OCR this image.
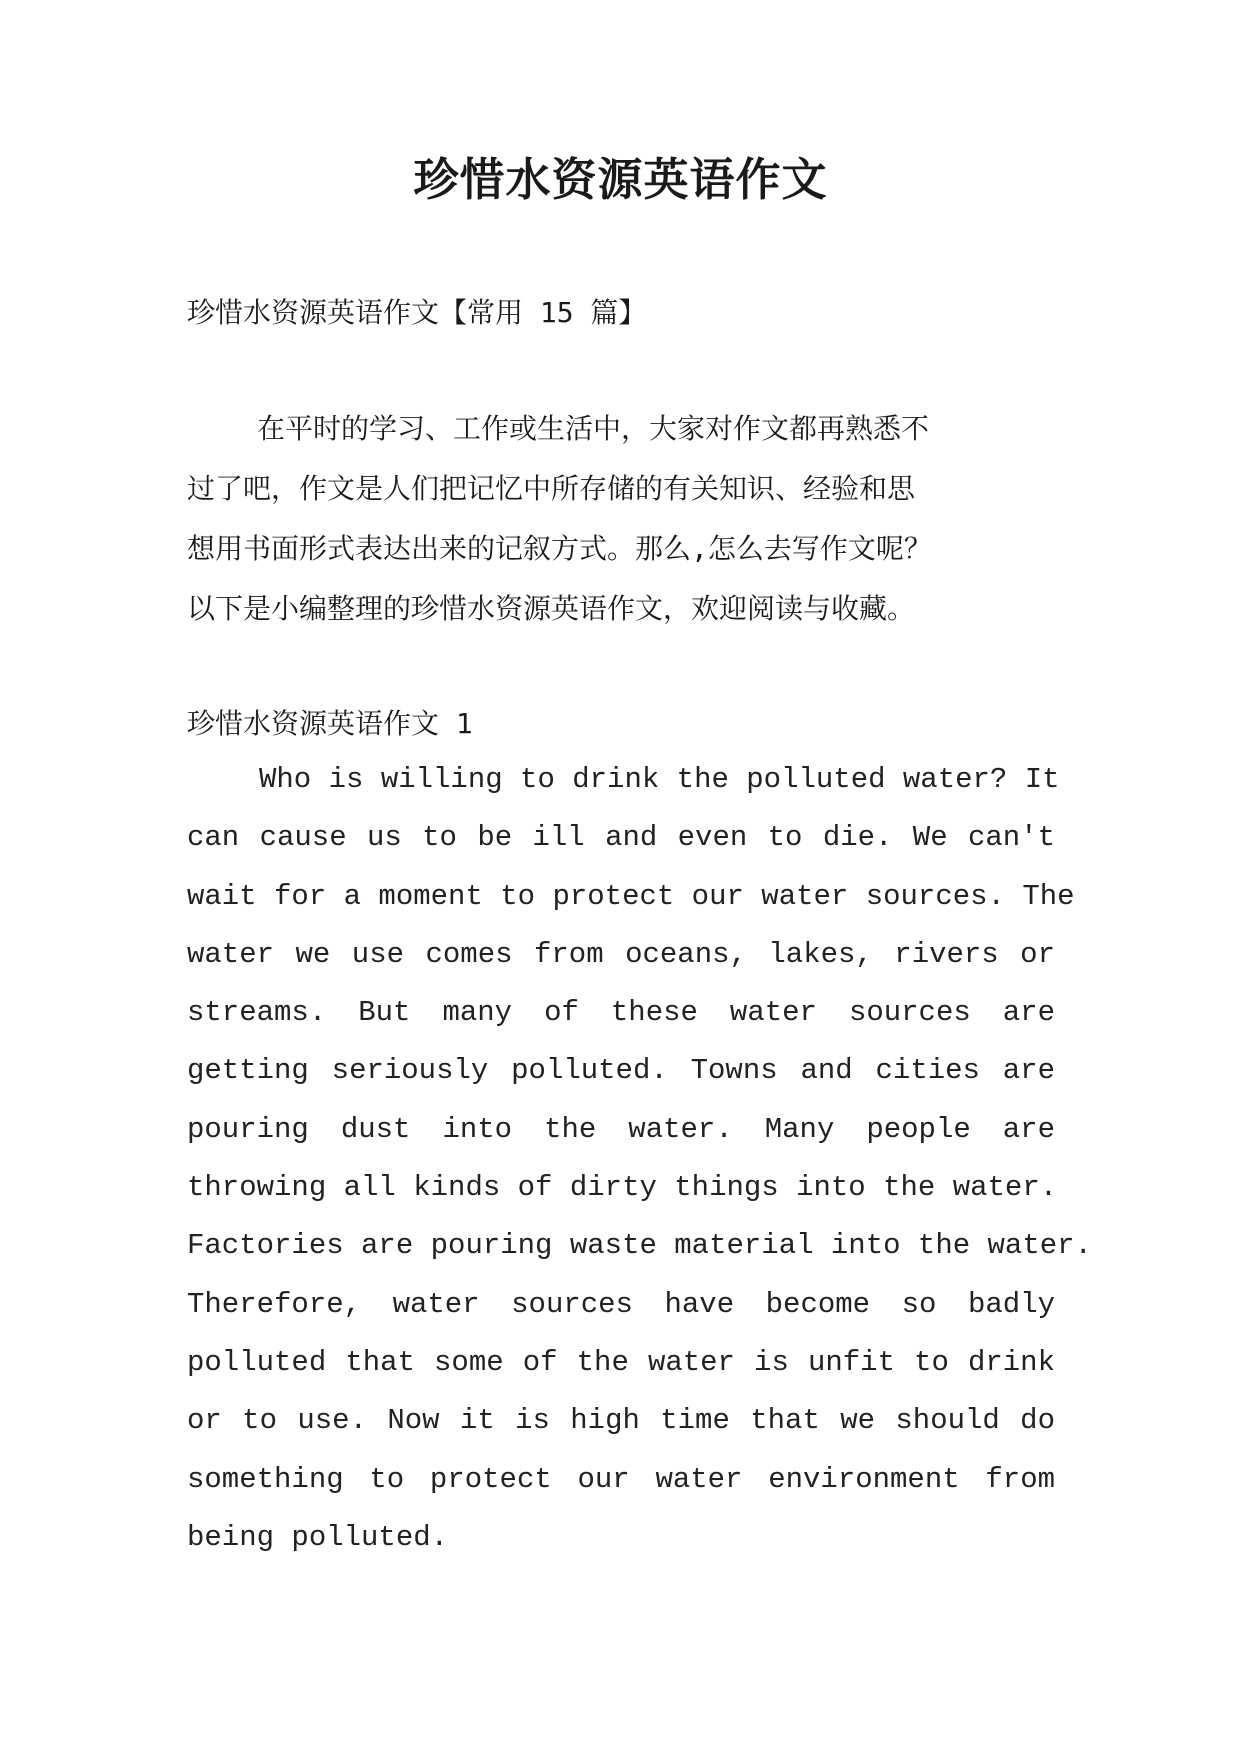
珍惜水资源英语作文

珍惜水资源英语作文【常用 15 篇】

在平时的学习、工作或生活中，大家对作文都再熟悉不
过了吧，作文是人们把记忆中所存储的有关知识、经验和思
想用书面形式表达出来的记叙方式。那么,怎么去写作文呢？
以下是小编整理的珍惜水资源英语作文，欢迎阅读与收藏。

珍惜水资源英语作文 1

Who is willing to drink the polluted water? It
can cause us to be ill and even to die. We can't
wait for a moment to protect our water sources. The
water we use comes from oceans, lakes, rivers or
streams. But many of these water sources are
getting seriously polluted. Towns and cities are
pouring dust into the water. Many people are
throwing all kinds of dirty things into the water.
Factories are pouring waste material into the water.
Therefore, water sources have become so badly
polluted that some of the water is unfit to drink
or to use. Now it is high time that we should do
something to protect our water environment from
being polluted.
